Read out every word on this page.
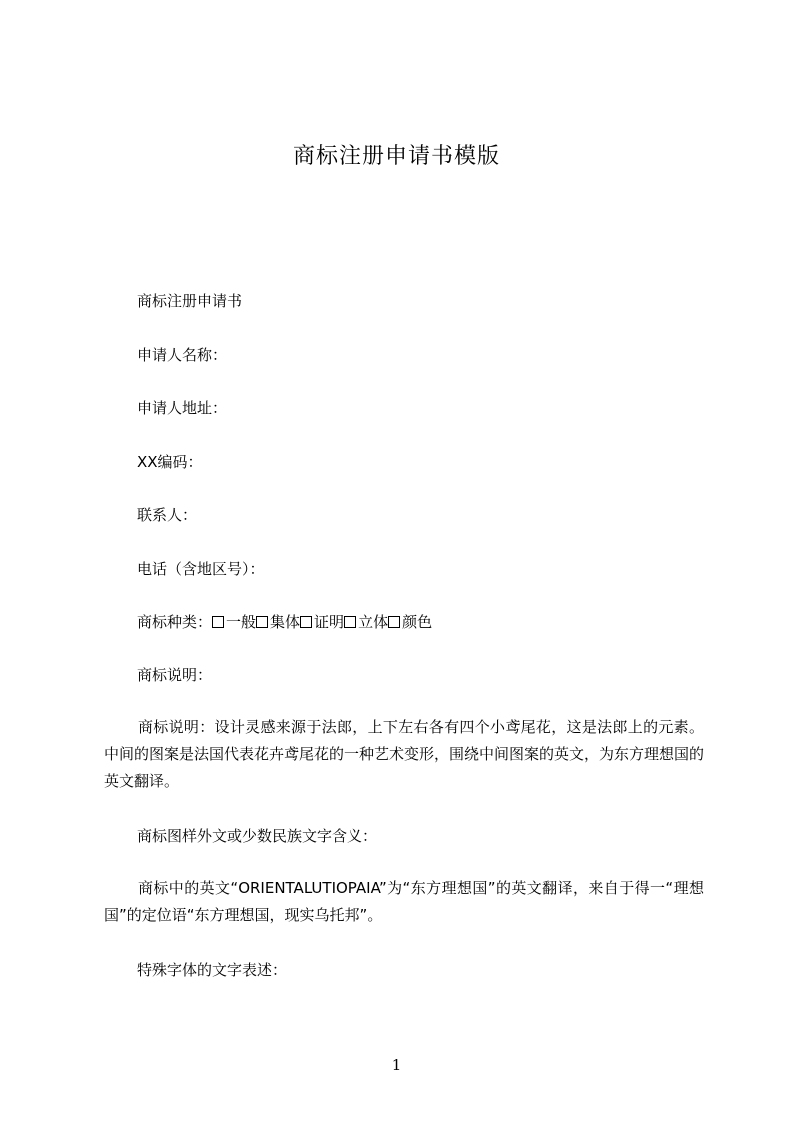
商标注册申请书模版
商标注册申请书
申请人名称：
申请人地址：
XX编码：
联系人：
电话（含地区号）：
商标种类： 一般 集体 证明 立体 颜色
商标说明：
商标说明：设计灵感来源于法郎，上下左右各有四个小鸢尾花，这是法郎上的元素。中间的图案是法国代表花卉鸢尾花的一种艺术变形，围绕中间图案的英文，为东方理想国的英文翻译。
商标图样外文或少数民族文字含义：
商标中的英文“ORIENTALUTIOPAIA”为“东方理想国”的英文翻译，来自于得一“理想国”的定位语“东方理想国，现实乌托邦”。
特殊字体的文字表述：
1
